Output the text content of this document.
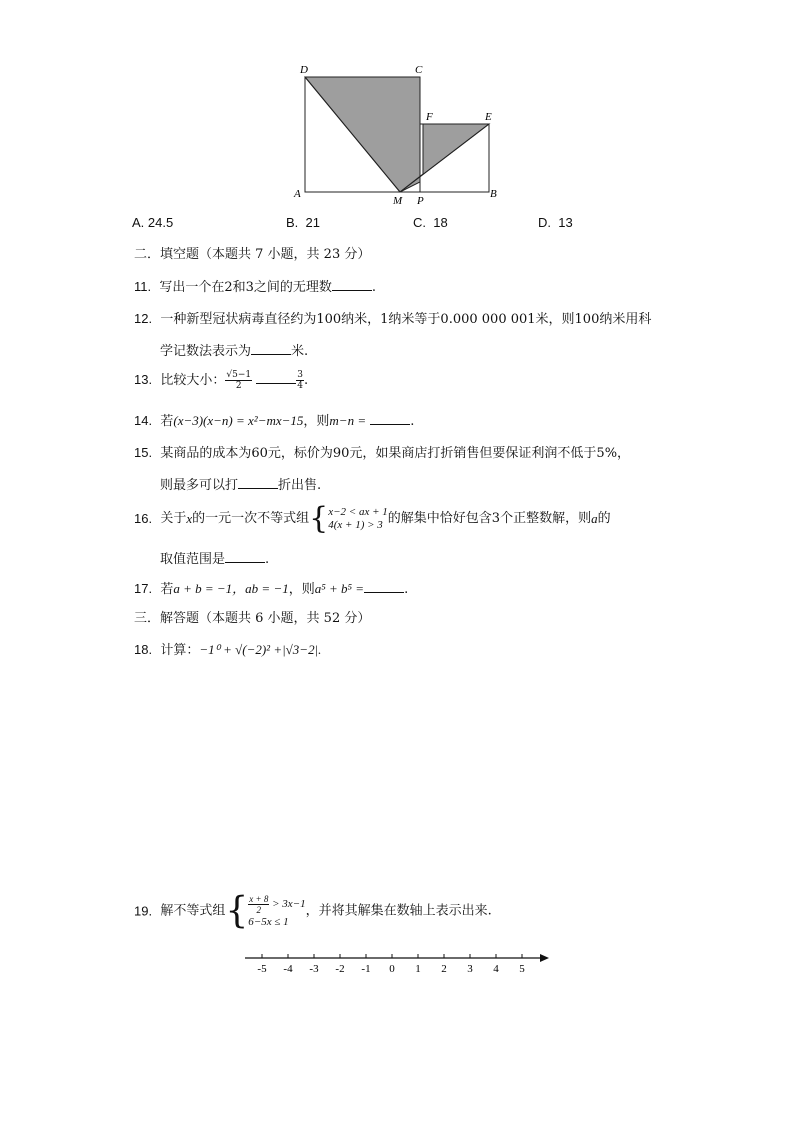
D	C
F	E
A
M P
B
A. 24.5	B. 21	C. 18	D. 13
二．填空题（本题共 7 小题，共 23 分）
11. 写出一个在2和3之间的无理数	.
12. 一种新型冠状病毒直径约为100纳米，1纳米等于0.000 000 001米，则100纳米用科
学记数法表示为	米.
13. 比较大小： $\frac{√5-1}{2}$
	$\frac{3}{4}$ .
14. 若(x−3)(x−n) = x²−mx−15，则m−n =	.
15. 某商品的成本为60元，标价为90元，如果商店打折销售但要保证利润不低于5%，
则最多可以打	折出售.
16. 关于x的一元一次不等式组{ x−2 < ax + 1
4(x + 1) > 3 的解集中恰好包含3个正整数解，则a的
取值范围是	.
17. 若a + b = −1，ab = −1，则a⁵ + b⁵ =	.
三．解答题（本题共 6 小题，共 52 分）
18. 计算：−1⁰ + √(−2)² +|√3−2|.
19. 解不等式组{ $\frac{x + 8}{2} > 3x-1$
6−5x ≤ 1
，并将其解集在数轴上表示出来.
-5 -4 -3 -2 -1 0 1 2 3 4 5
